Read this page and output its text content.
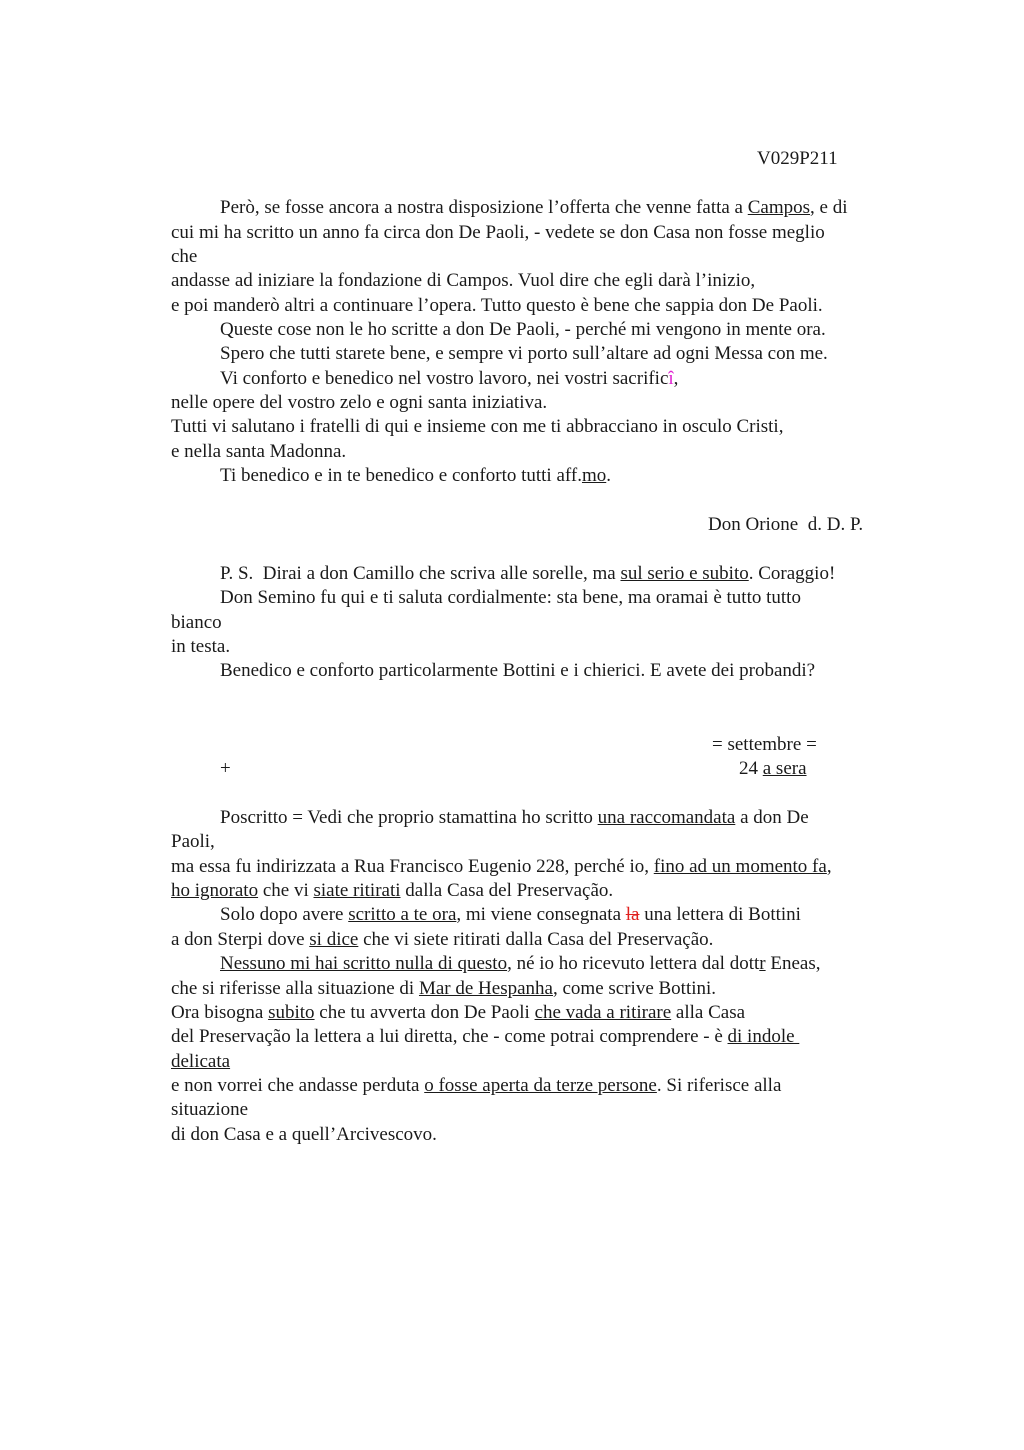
V029P211
Però, se fosse ancora a nostra disposizione l’offerta che venne fatta a Campos, e di
cui mi ha scritto un anno fa circa don De Paoli, - vedete se don Casa non fosse meglio
che
andasse ad iniziare la fondazione di Campos. Vuol dire che egli darà l’inizio,
e poi manderò altri a continuare l’opera. Tutto questo è bene che sappia don De Paoli.
Queste cose non le ho scritte a don De Paoli, - perché mi vengono in mente ora.
Spero che tutti starete bene, e sempre vi porto sull’altare ad ogni Messa con me.
Vi conforto e benedico nel vostro lavoro, nei vostri sacrificî,
nelle opere del vostro zelo e ogni santa iniziativa.
Tutti vi salutano i fratelli di qui e insieme con me ti abbracciano in osculo Cristi,
e nella santa Madonna.
Ti benedico e in te benedico e conforto tutti aff.mo.
Don Orione  d. D. P.
P. S.  Dirai a don Camillo che scriva alle sorelle, ma sul serio e subito. Coraggio!
Don Semino fu qui e ti saluta cordialmente: sta bene, ma oramai è tutto tutto
bianco
in testa.
Benedico e conforto particolarmente Bottini e i chierici. E avete dei probandi?
= settembre =
+	24 a sera
Poscritto = Vedi che proprio stamattina ho scritto una raccomandata a don De
Paoli,
ma essa fu indirizzata a Rua Francisco Eugenio 228, perché io, fino ad un momento fa,
ho ignorato che vi siate ritirati dalla Casa del Preservação.
Solo dopo avere scritto a te ora, mi viene consegnata la una lettera di Bottini
a don Sterpi dove si dice che vi siete ritirati dalla Casa del Preservação.
Nessuno mi hai scritto nulla di questo, né io ho ricevuto lettera dal dottr Eneas,
che si riferisse alla situazione di Mar de Hespanha, come scrive Bottini.
Ora bisogna subito che tu avverta don De Paoli che vada a ritirare alla Casa
del Preservação la lettera a lui diretta, che - come potrai comprendere - è di indole
delicata
e non vorrei che andasse perduta o fosse aperta da terze persone. Si riferisce alla
situazione
di don Casa e a quell’Arcivescovo.
